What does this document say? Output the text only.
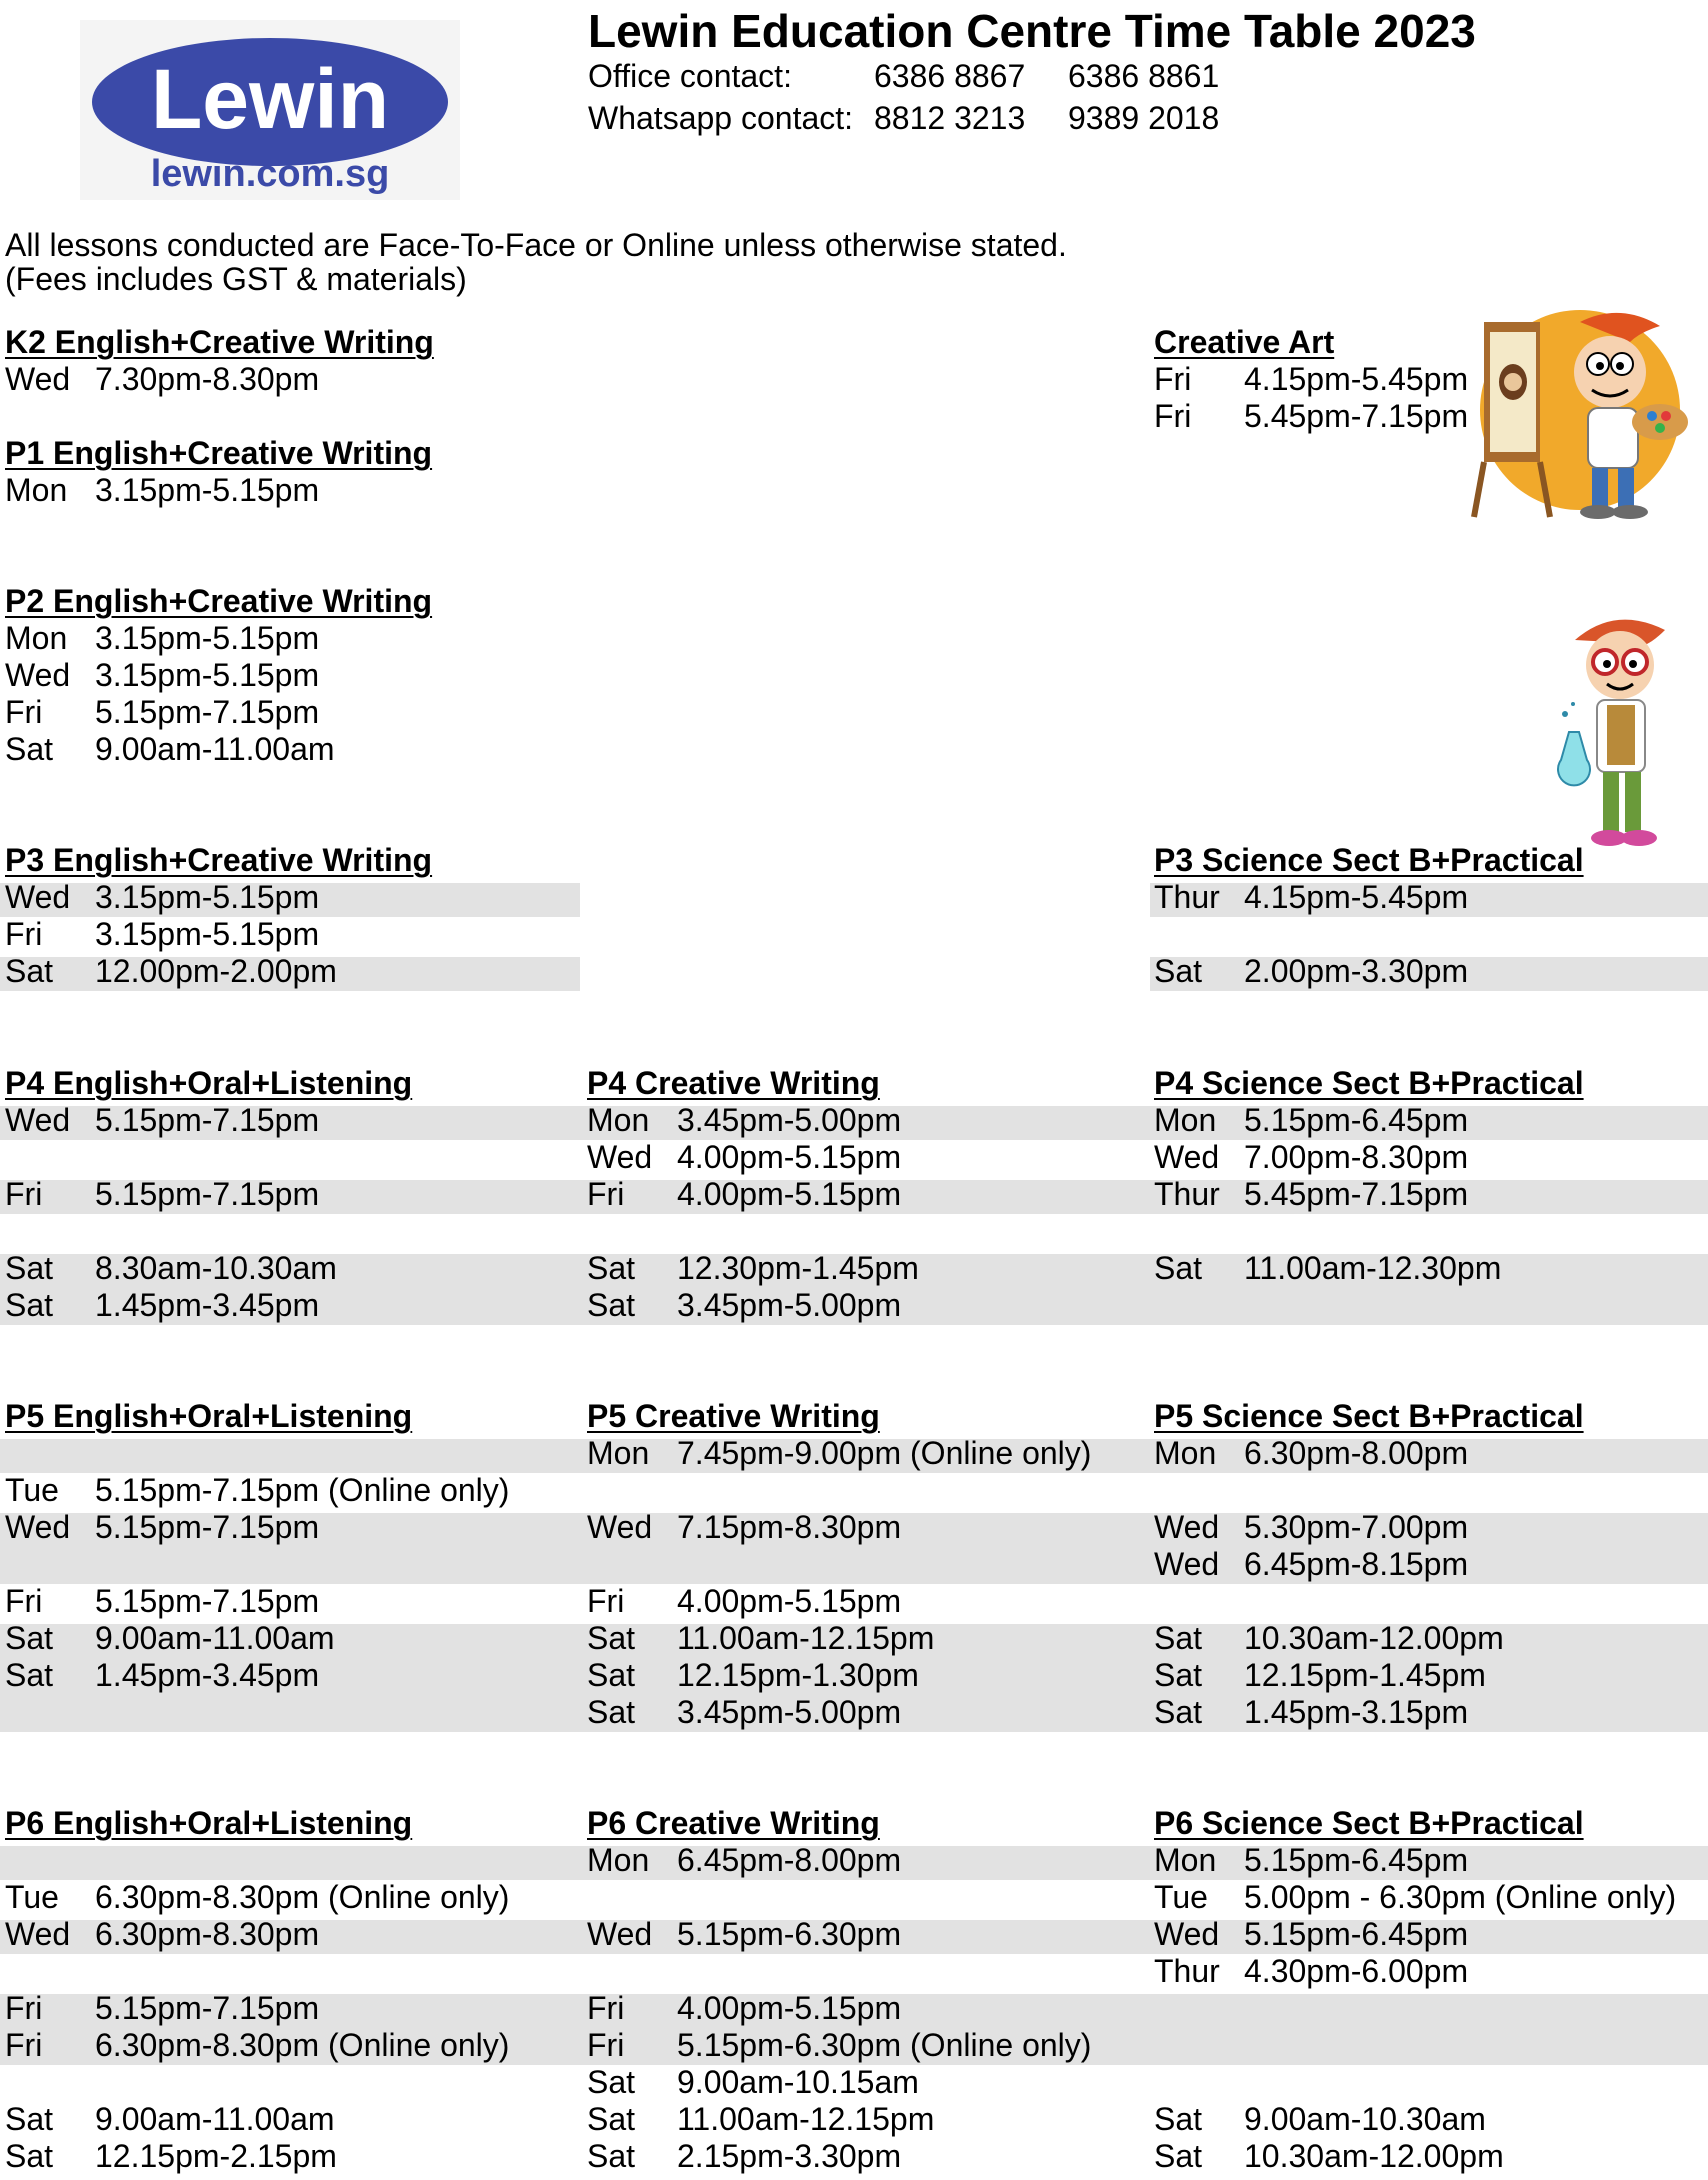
Lewin
lewin.com.sg
Lewin Education Centre Time Table 2023
Office contact:	6386 8867 6386 8861
Whatsapp contact: 8812 3213 9389 2018
All lessons conducted are Face-To-Face or Online unless otherwise stated.
(Fees includes GST & materials)
K2 English+Creative Writing
Wed 7.30pm-8.30pm
Creative Art
Fri 4.15pm-5.45pm
Fri 5.45pm-7.15pm
P1 English+Creative Writing
Mon 3.15pm-5.15pm
P2 English+Creative Writing
Mon 3.15pm-5.15pm
Wed 3.15pm-5.15pm
Fri 5.15pm-7.15pm
Sat 9.00am-11.00am
P3 English+Creative Writing
Wed 3.15pm-5.15pm
Fri 3.15pm-5.15pm
Sat 12.00pm-2.00pm
P3 Science Sect B+Practical
Thur 4.15pm-5.45pm
Sat 2.00pm-3.30pm
P4 English+Oral+Listening
Wed 5.15pm-7.15pm
Fri 5.15pm-7.15pm
Sat 8.30am-10.30am
Sat 1.45pm-3.45pm
P4 Creative Writing
Mon 3.45pm-5.00pm
Wed 4.00pm-5.15pm
Fri 4.00pm-5.15pm
Sat 12.30pm-1.45pm
Sat 3.45pm-5.00pm
P4 Science Sect B+Practical
Mon 5.15pm-6.45pm
Wed 7.00pm-8.30pm
Thur 5.45pm-7.15pm
Sat 11.00am-12.30pm
P5 English+Oral+Listening
Tue 5.15pm-7.15pm (Online only)
Wed 5.15pm-7.15pm
Fri 5.15pm-7.15pm
Sat 9.00am-11.00am
Sat 1.45pm-3.45pm
P5 Creative Writing
Mon 7.45pm-9.00pm (Online only)
Wed 7.15pm-8.30pm
Fri 4.00pm-5.15pm
Sat 11.00am-12.15pm
Sat 12.15pm-1.30pm
Sat 3.45pm-5.00pm
P5 Science Sect B+Practical
Mon 6.30pm-8.00pm
Wed 5.30pm-7.00pm
Wed 6.45pm-8.15pm
Sat 10.30am-12.00pm
Sat 12.15pm-1.45pm
Sat 1.45pm-3.15pm
P6 English+Oral+Listening
Tue 6.30pm-8.30pm (Online only)
Wed 6.30pm-8.30pm
Fri 5.15pm-7.15pm
Fri 6.30pm-8.30pm (Online only)
Sat 9.00am-11.00am
Sat 12.15pm-2.15pm
P6 Creative Writing
Mon 6.45pm-8.00pm
Wed 5.15pm-6.30pm
Fri 4.00pm-5.15pm
Fri 5.15pm-6.30pm (Online only)
Sat 9.00am-10.15am
Sat 11.00am-12.15pm
Sat 2.15pm-3.30pm
P6 Science Sect B+Practical
Mon 5.15pm-6.45pm
Tue 5.00pm - 6.30pm (Online only)
Wed 5.15pm-6.45pm
Thur 4.30pm-6.00pm
Sat 9.00am-10.30am
Sat 10.30am-12.00pm
